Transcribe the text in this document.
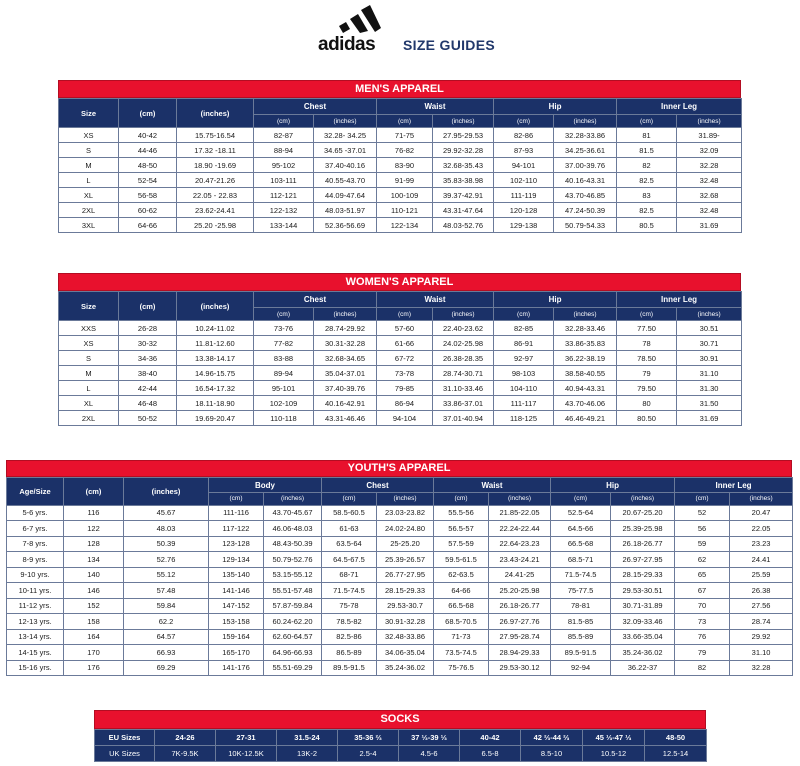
adidas SIZE GUIDES
MEN'S APPAREL
Size	(cm)	(inches)	Chest		Waist		Hip		Inner Leg	
			(cm)	(inches)	(cm)	(inches)	(cm)	(inches)	(cm)	(inches)
XS	40-42	15.75-16.54	82-87	32.28- 34.25	71-75	27.95-29.53	82-86	32.28-33.86	81	31.89-
S	44-46	17.32 -18.11	88-94	34.65 -37.01	76-82	29.92-32.28	87-93	34.25-36.61	81.5	32.09
M	48-50	18.90 -19.69	95-102	37.40-40.16	83-90	32.68-35.43	94-101	37.00-39.76	82	32.28
L	52-54	20.47-21.26	103-111	40.55-43.70	91-99	35.83-38.98	102-110	40.16-43.31	82.5	32.48
XL	56-58	22.05 - 22.83	112-121	44.09-47.64	100-109	39.37-42.91	111-119	43.70-46.85	83	32.68
2XL	60-62	23.62-24.41	122-132	48.03-51.97	110-121	43.31-47.64	120-128	47.24-50.39	82.5	32.48
3XL	64-66	25.20 -25.98	133-144	52.36-56.69	122-134	48.03-52.76	129-138	50.79-54.33	80.5	31.69
WOMEN'S APPAREL
Size	(cm)	(inches)	Chest		Waist		Hip		Inner Leg	
			(cm)	(inches)	(cm)	(inches)	(cm)	(inches)	(cm)	(inches)
XXS	26-28	10.24-11.02	73-76	28.74-29.92	57-60	22.40-23.62	82-85	32.28-33.46	77.50	30.51
XS	30-32	11.81-12.60	77-82	30.31-32.28	61-66	24.02-25.98	86-91	33.86-35.83	78	30.71
S	34-36	13.38-14.17	83-88	32.68-34.65	67-72	26.38-28.35	92-97	36.22-38.19	78.50	30.91
M	38-40	14.96-15.75	89-94	35.04-37.01	73-78	28.74-30.71	98-103	38.58-40.55	79	31.10
L	42-44	16.54-17.32	95-101	37.40-39.76	79-85	31.10-33.46	104-110	40.94-43.31	79.50	31.30
XL	46-48	18.11-18.90	102-109	40.16-42.91	86-94	33.86-37.01	111-117	43.70-46.06	80	31.50
2XL	50-52	19.69-20.47	110-118	43.31-46.46	94-104	37.01-40.94	118-125	46.46-49.21	80.50	31.69
YOUTH'S APPAREL
Age/Size	(cm)	(inches)	Body		Chest		Waist		Hip		Inner Leg	
			(cm)	(inches)	(cm)	(inches)	(cm)	(inches)	(cm)	(inches)	(cm)	(inches)
5-6 yrs.	116	45.67	111-116	43.70-45.67	58.5-60.5	23.03-23.82	55.5-56	21.85-22.05	52.5-64	20.67-25.20	52	20.47
6-7 yrs.	122	48.03	117-122	46.06-48.03	61-63	24.02-24.80	56.5-57	22.24-22.44	64.5-66	25.39-25.98	56	22.05
7-8 yrs.	128	50.39	123-128	48.43-50.39	63.5-64	25-25.20	57.5-59	22.64-23.23	66.5-68	26.18-26.77	59	23.23
8-9 yrs.	134	52.76	129-134	50.79-52.76	64.5-67.5	25.39-26.57	59.5-61.5	23.43-24.21	68.5-71	26.97-27.95	62	24.41
9-10 yrs.	140	55.12	135-140	53.15-55.12	68-71	26.77-27.95	62-63.5	24.41-25	71.5-74.5	28.15-29.33	65	25.59
10-11 yrs.	146	57.48	141-146	55.51-57.48	71.5-74.5	28.15-29.33	64-66	25.20-25.98	75-77.5	29.53-30.51	67	26.38
11-12 yrs.	152	59.84	147-152	57.87-59.84	75-78	29.53-30.7	66.5-68	26.18-26.77	78-81	30.71-31.89	70	27.56
12-13 yrs.	158	62.2	153-158	60.24-62.20	78.5-82	30.91-32.28	68.5-70.5	26.97-27.76	81.5-85	32.09-33.46	73	28.74
13-14 yrs.	164	64.57	159-164	62.60-64.57	82.5-86	32.48-33.86	71-73	27.95-28.74	85.5-89	33.66-35.04	76	29.92
14-15 yrs.	170	66.93	165-170	64.96-66.93	86.5-89	34.06-35.04	73.5-74.5	28.94-29.33	89.5-91.5	35.24-36.02	79	31.10
15-16 yrs.	176	69.29	141-176	55.51-69.29	89.5-91.5	35.24-36.02	75-76.5	29.53-30.12	92-94	36.22-37	82	32.28
SOCKS
EU Sizes	24-26	27-31	31.5-24	35-36 ⅔	37 ⅓-39 ⅓	40-42	42 ⅔-44 ⅔	45 ⅓-47 ⅓	48-50
UK Sizes	7K-9.5K	10K-12.5K	13K-2	2.5-4	4.5-6	6.5-8	8.5-10	10.5-12	12.5-14
